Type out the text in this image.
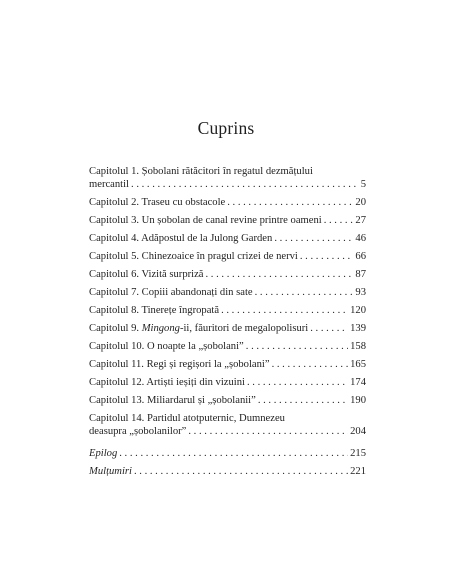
Cuprins
Capitolul 1. Șobolani rătăcitori în regatul dezmățului
mercantil . . .	5
Capitolul 2. Traseu cu obstacole . . .	20
Capitolul 3. Un șobolan de canal revine printre oameni . . .	27
Capitolul 4. Adăpostul de la Julong Garden . . .	46
Capitolul 5. Chinezoaice în pragul crizei de nervi . . .	66
Capitolul 6. Vizită surpriză . . .	87
Capitolul 7. Copiii abandonați din sate . . .	93
Capitolul 8. Tinerețe îngropată . . .	120
Capitolul 9. Mingong-ii, făuritori de megalopolisuri . . .	139
Capitolul 10. O noapte la „șobolani” . . .	158
Capitolul 11. Regi și regișori la „șobolani” . . .	165
Capitolul 12. Artiști ieșiți din vizuini . . .	174
Capitolul 13. Miliardarul și „șobolanii” . . .	190
Capitolul 14. Partidul atotputernic, Dumnezeu
deasupra „șobolanilor” . . .	204
Epilog . . .	215
Mulțumiri . . .	221
